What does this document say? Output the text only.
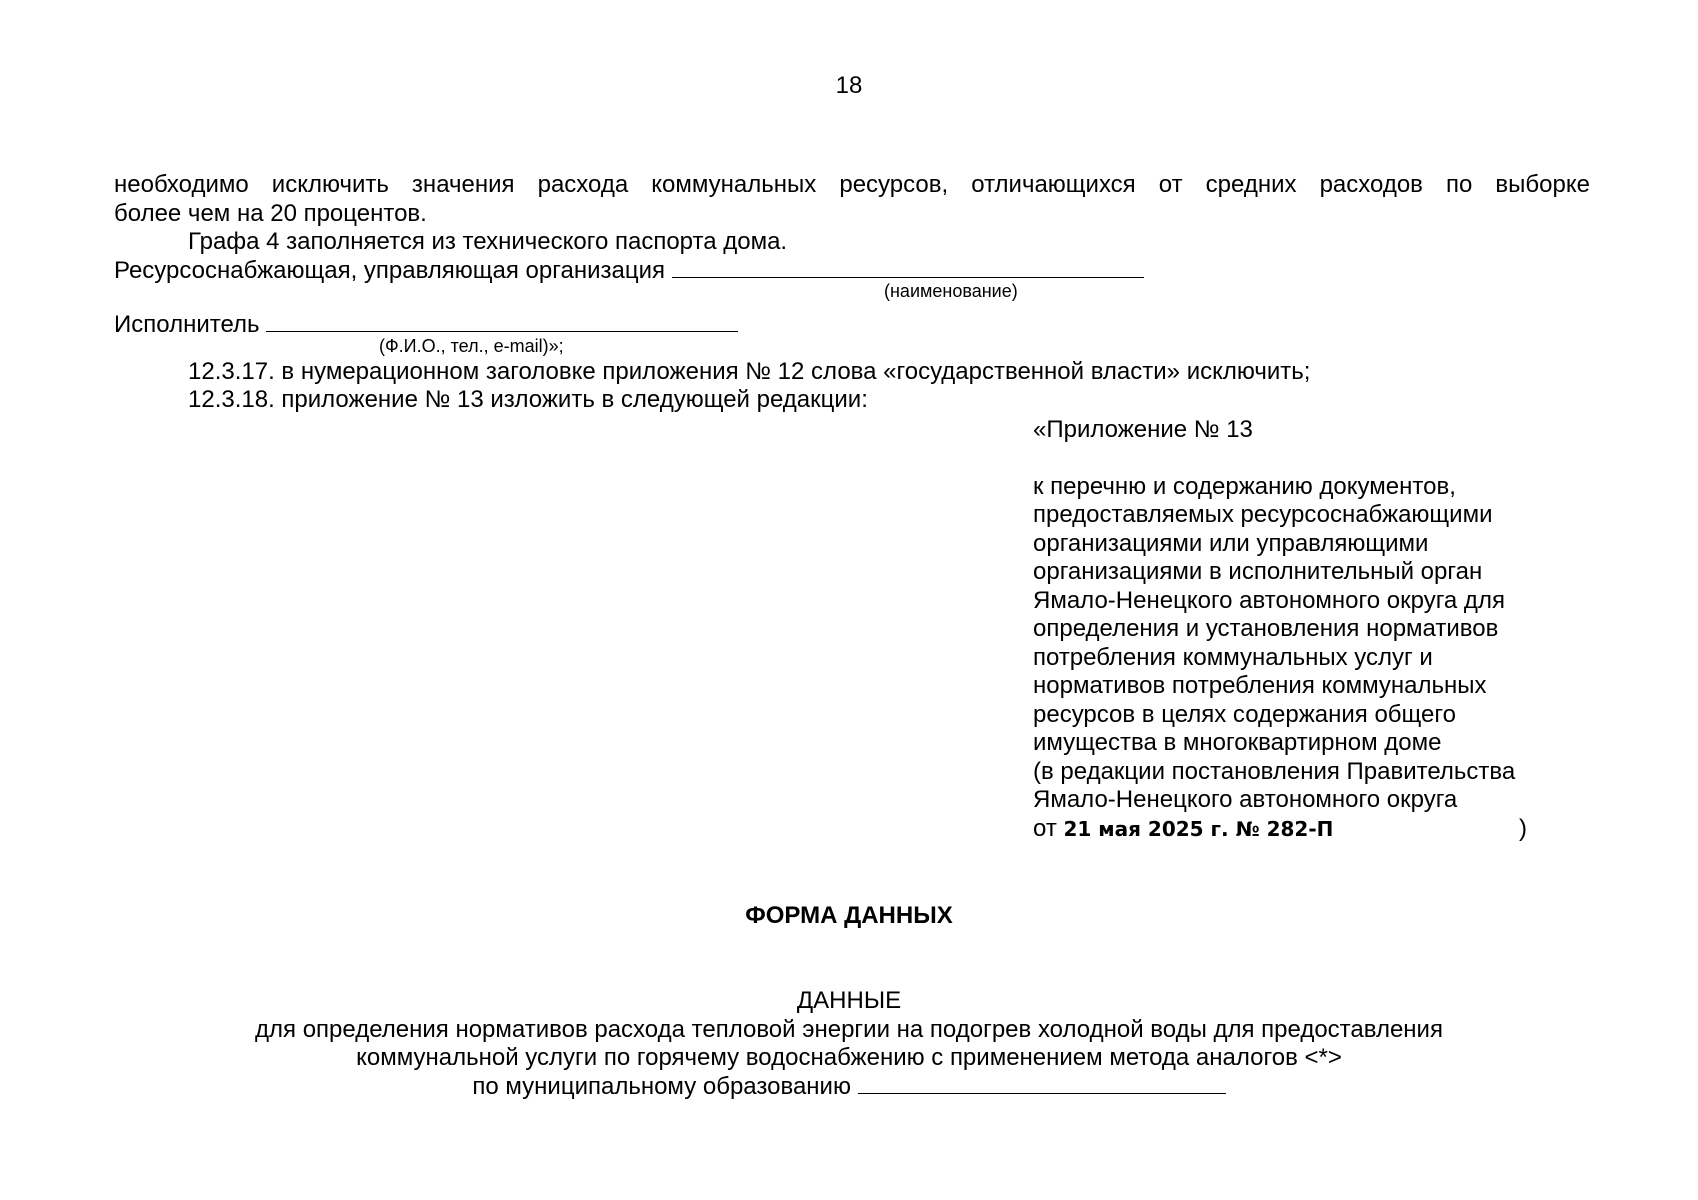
18
необходимо исключить значения расхода коммунальных ресурсов, отличающихся от средних расходов по выборке
более чем на 20 процентов.
Графа 4 заполняется из технического паспорта дома.
Ресурсоснабжающая, управляющая организация
(наименование)
Исполнитель
(Ф.И.О., тел., e-mail)»;
12.3.17. в нумерационном заголовке приложения № 12 слова «государственной власти» исключить;
12.3.18. приложение № 13 изложить в следующей редакции:
«Приложение № 13
к перечню и содержанию документов,
предоставляемых ресурсоснабжающими
организациями или управляющими
организациями в исполнительный орган
Ямало-Ненецкого автономного округа для
определения и установления нормативов
потребления коммунальных услуг и
нормативов потребления коммунальных
ресурсов в целях содержания общего
имущества в многоквартирном доме
(в редакции постановления Правительства
Ямало-Ненецкого автономного округа
от 21 мая 2025 г. № 282-П	)
ФОРМА ДАННЫХ
ДАННЫЕ
для определения нормативов расхода тепловой энергии на подогрев холодной воды для предоставления
коммунальной услуги по горячему водоснабжению с применением метода аналогов <*>
по муниципальному образованию
